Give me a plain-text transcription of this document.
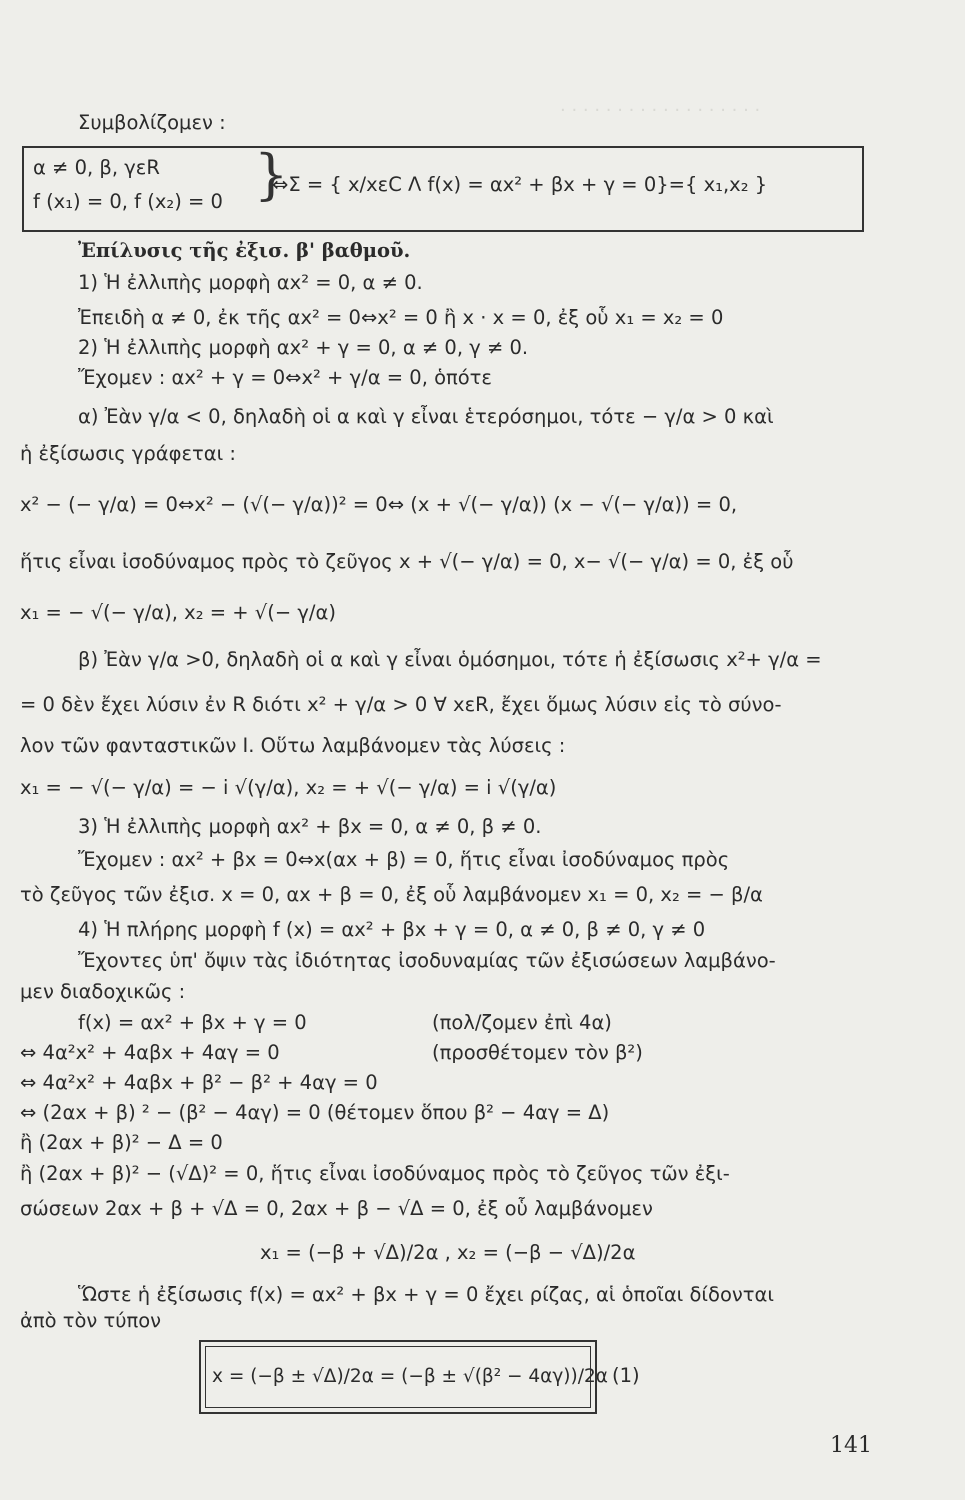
· · · · · · · · · · · · · · · · · ·
Συμβολίζομεν :
α ≠ 0, β, γεR
f (x₁) = 0, f (x₂) = 0 }
⇔Σ = { x/xεC Λ f(x) = αx² + βx + γ = 0}={ x₁,x₂ }
Ἐπίλυσις τῆς ἐξισ. β' βαθμοῦ.
1) Ἡ ἐλλιπὴς μορφὴ αx² = 0, α ≠ 0.
Ἐπειδὴ α ≠ 0, ἐκ τῆς αx² = 0⇔x² = 0 ἢ x · x = 0, ἐξ οὗ x₁ = x₂ = 0
2) Ἡ ἐλλιπὴς μορφὴ αx² + γ = 0, α ≠ 0, γ ≠ 0.
Ἔχομεν : αx² + γ = 0⇔x² + γ/α = 0, ὁπότε
α) Ἐὰν γ/α < 0, δηλαδὴ οἱ α καὶ γ εἶναι ἑτερόσημοι, τότε − γ/α > 0 καὶ
ἡ ἐξίσωσις γράφεται :
x² − (− γ/α) = 0⇔x² − (√(− γ/α))² = 0⇔ (x + √(− γ/α)) (x − √(− γ/α)) = 0,
ἥτις εἶναι ἰσοδύναμος πρὸς τὸ ζεῦγος x + √(− γ/α) = 0, x− √(− γ/α) = 0, ἐξ οὗ
x₁ = − √(− γ/α), x₂ = + √(− γ/α)
β) Ἐὰν γ/α >0, δηλαδὴ οἱ α καὶ γ εἶναι ὁμόσημοι, τότε ἡ ἐξίσωσις x²+ γ/α =
= 0 δὲν ἔχει λύσιν ἐν R διότι x² + γ/α > 0 ∀ xεR, ἔχει ὅμως λύσιν εἰς τὸ σύνο-
λον τῶν φανταστικῶν I. Οὕτω λαμβάνομεν τὰς λύσεις :
x₁ = − √(− γ/α) = − i √(γ/α), x₂ = + √(− γ/α) = i √(γ/α)
3) Ἡ ἐλλιπὴς μορφὴ αx² + βx = 0, α ≠ 0, β ≠ 0.
Ἔχομεν : αx² + βx = 0⇔x(αx + β) = 0, ἥτις εἶναι ἰσοδύναμος πρὸς
τὸ ζεῦγος τῶν ἐξισ. x = 0, αx + β = 0, ἐξ οὗ λαμβάνομεν x₁ = 0, x₂ = − β/α
4) Ἡ πλήρης μορφὴ f (x) = αx² + βx + γ = 0, α ≠ 0, β ≠ 0, γ ≠ 0
Ἔχοντες ὑπ' ὄψιν τὰς ἰδιότητας ἰσοδυναμίας τῶν ἐξισώσεων λαμβάνο-
μεν διαδοχικῶς :
f(x) = αx² + βx + γ = 0	(πολ/ζομεν ἐπὶ 4α)
⇔ 4α²x² + 4αβx + 4αγ = 0	(προσθέτομεν τὸν β²)
⇔ 4α²x² + 4αβx + β² − β² + 4αγ = 0
⇔ (2αx + β) ² − (β² − 4αγ) = 0 (θέτομεν ὅπου β² − 4αγ = Δ)
ἢ (2αx + β)² − Δ = 0
ἢ (2αx + β)² − (√Δ)² = 0, ἥτις εἶναι ἰσοδύναμος πρὸς τὸ ζεῦγος τῶν ἐξι-
σώσεων 2αx + β + √Δ = 0, 2αx + β − √Δ = 0, ἐξ οὗ λαμβάνομεν
x₁ = (−β + √Δ)/2α , x₂ = (−β − √Δ)/2α
Ὥστε ἡ ἐξίσωσις f(x) = αx² + βx + γ = 0 ἔχει ρίζας, αἱ ὁποῖαι δίδονται
ἀπὸ τὸν τύπον
x = (−β ± √Δ)/2α = (−β ± √(β² − 4αγ))/2α (1)
141
